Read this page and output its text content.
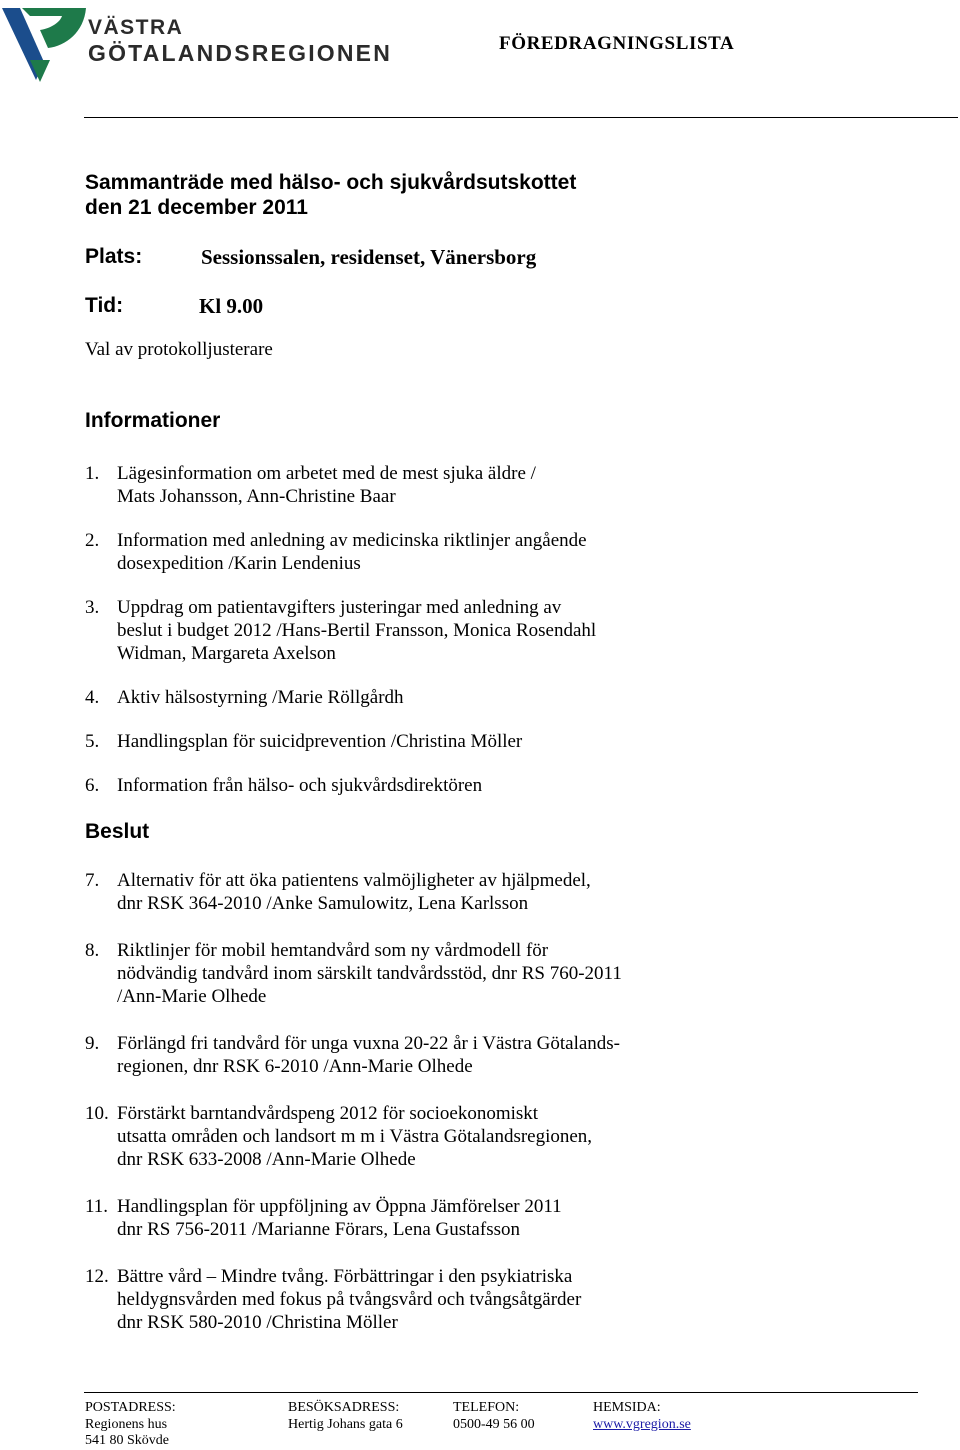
VÄSTRA
GÖTALANDSREGIONEN	FÖREDRAGNINGSLISTA
Sammanträde med hälso- och sjukvårdsutskottet
den 21 december 2011
Plats:	Sessionssalen, residenset, Vänersborg
Tid:	Kl 9.00
Val av protokolljusterare
Informationer
1. Lägesinformation om arbetet med de mest sjuka äldre /
Mats Johansson, Ann-Christine Baar
2. Information med anledning av medicinska riktlinjer angående
dosexpedition /Karin Lendenius
3. Uppdrag om patientavgifters justeringar med anledning av
beslut i budget 2012 /Hans-Bertil Fransson, Monica Rosendahl
Widman, Margareta Axelson
4. Aktiv hälsostyrning /Marie Röllgårdh
5. Handlingsplan för suicidprevention /Christina Möller
6. Information från hälso- och sjukvårdsdirektören
Beslut
7. Alternativ för att öka patientens valmöjligheter av hjälpmedel,
dnr RSK 364-2010 /Anke Samulowitz, Lena Karlsson
8. Riktlinjer för mobil hemtandvård som ny vårdmodell för
nödvändig tandvård inom särskilt tandvårdsstöd, dnr RS 760-2011
/Ann-Marie Olhede
9. Förlängd fri tandvård för unga vuxna 20-22 år i Västra Götalands-
regionen, dnr RSK 6-2010 /Ann-Marie Olhede
10. Förstärkt barntandvårdspeng 2012 för socioekonomiskt
utsatta områden och landsort m m i Västra Götalandsregionen,
dnr RSK 633-2008 /Ann-Marie Olhede
11. Handlingsplan för uppföljning av Öppna Jämförelser 2011
dnr RS 756-2011 /Marianne Förars, Lena Gustafsson
12. Bättre vård – Mindre tvång. Förbättringar i den psykiatriska
heldygnsvården med fokus på tvångsvård och tvångsåtgärder
dnr RSK 580-2010 /Christina Möller
POSTADRESS:
Regionens hus
541 80 Skövde
BESÖKSADRESS:
Hertig Johans gata 6
TELEFON:
0500-49 56 00
HEMSIDA:
www.vgregion.se
